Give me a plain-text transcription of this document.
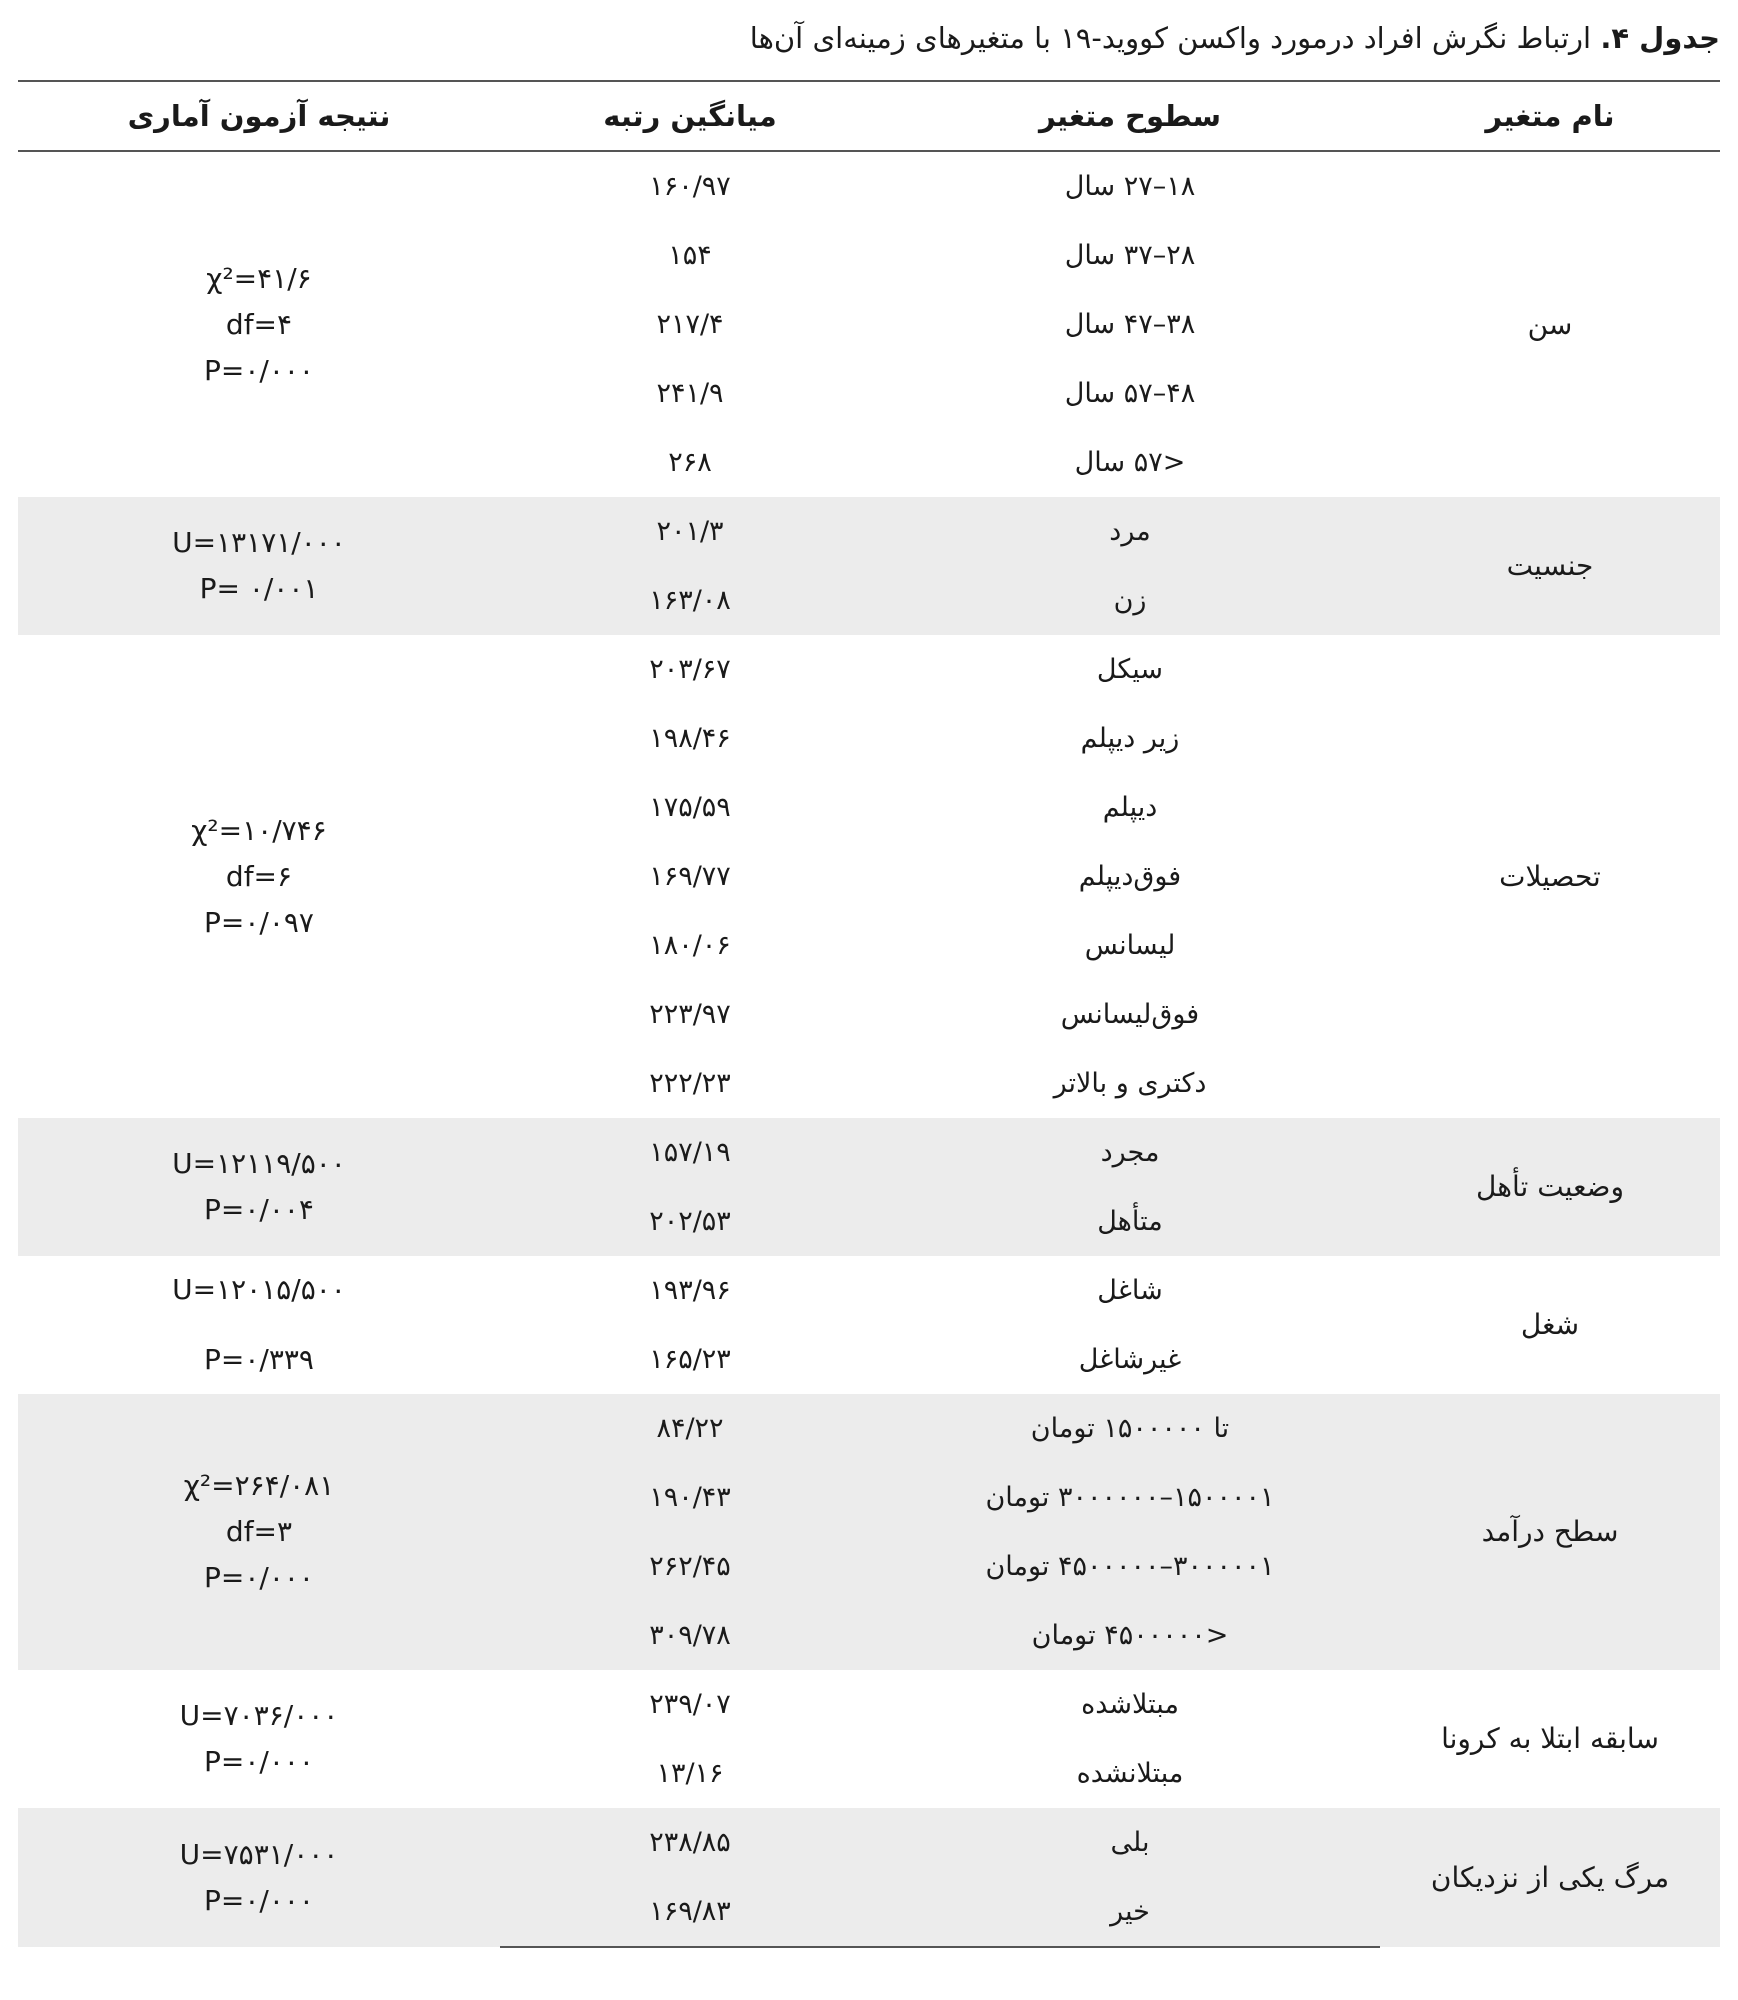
جدول ۴. ارتباط نگرش افراد درمورد واکسن کووید-۱۹ با متغیرهای زمینه‌ای آن‌ها
نام متغیر	سطوح متغیر	میانگین رتبه	نتیجه آزمون آماری
سن	۱۸–۲۷ سال	۱۶۰/۹۷	χ²=۴۱/۶
df=۴
P=۰/۰۰۰

	۲۸–۳۷ سال	۱۵۴	
	۳۸–۴۷ سال	۲۱۷/۴	
	۴۸–۵۷ سال	۲۴۱/۹	
	<۵۷ سال	۲۶۸	
جنسیت	مرد	۲۰۱/۳	U=۱۳۱۷۱/۰۰۰
P= ۰/۰۰۱

	زن	۱۶۳/۰۸	
تحصیلات	سیکل	۲۰۳/۶۷	χ²=۱۰/۷۴۶
df=۶
P=۰/۰۹۷

	زیر دیپلم	۱۹۸/۴۶	
	دیپلم	۱۷۵/۵۹	
	فوق‌دیپلم	۱۶۹/۷۷	
	لیسانس	۱۸۰/۰۶	
	فوق‌لیسانس	۲۲۳/۹۷	
	دکتری و بالاتر	۲۲۲/۲۳	
وضعیت تأهل	مجرد	۱۵۷/۱۹	U=۱۲۱۱۹/۵۰۰
P=۰/۰۰۴

	متأهل	۲۰۲/۵۳	
شغل	شاغل	۱۹۳/۹۶	U=۱۲۰۱۵/۵۰۰
P=۰/۳۳۹

	غیرشاغل	۱۶۵/۲۳	
سطح درآمد	تا ۱۵۰۰۰۰۰ تومان	۸۴/۲۲	χ²=۲۶۴/۰۸۱
df=۳
P=۰/۰۰۰

	۱۵۰۰۰۰۱–۳۰۰۰۰۰۰ تومان	۱۹۰/۴۳	
	۳۰۰۰۰۰۱–۴۵۰۰۰۰۰ تومان	۲۶۲/۴۵	
	<۴۵۰۰۰۰۰ تومان	۳۰۹/۷۸	
سابقه ابتلا به کرونا	مبتلاشده	۲۳۹/۰۷	U=۷۰۳۶/۰۰۰
P=۰/۰۰۰

	مبتلانشده	۱۳/۱۶	
مرگ یکی از نزدیکان	بلی	۲۳۸/۸۵	U=۷۵۳۱/۰۰۰
P=۰/۰۰۰

	خیر	۱۶۹/۸۳	
